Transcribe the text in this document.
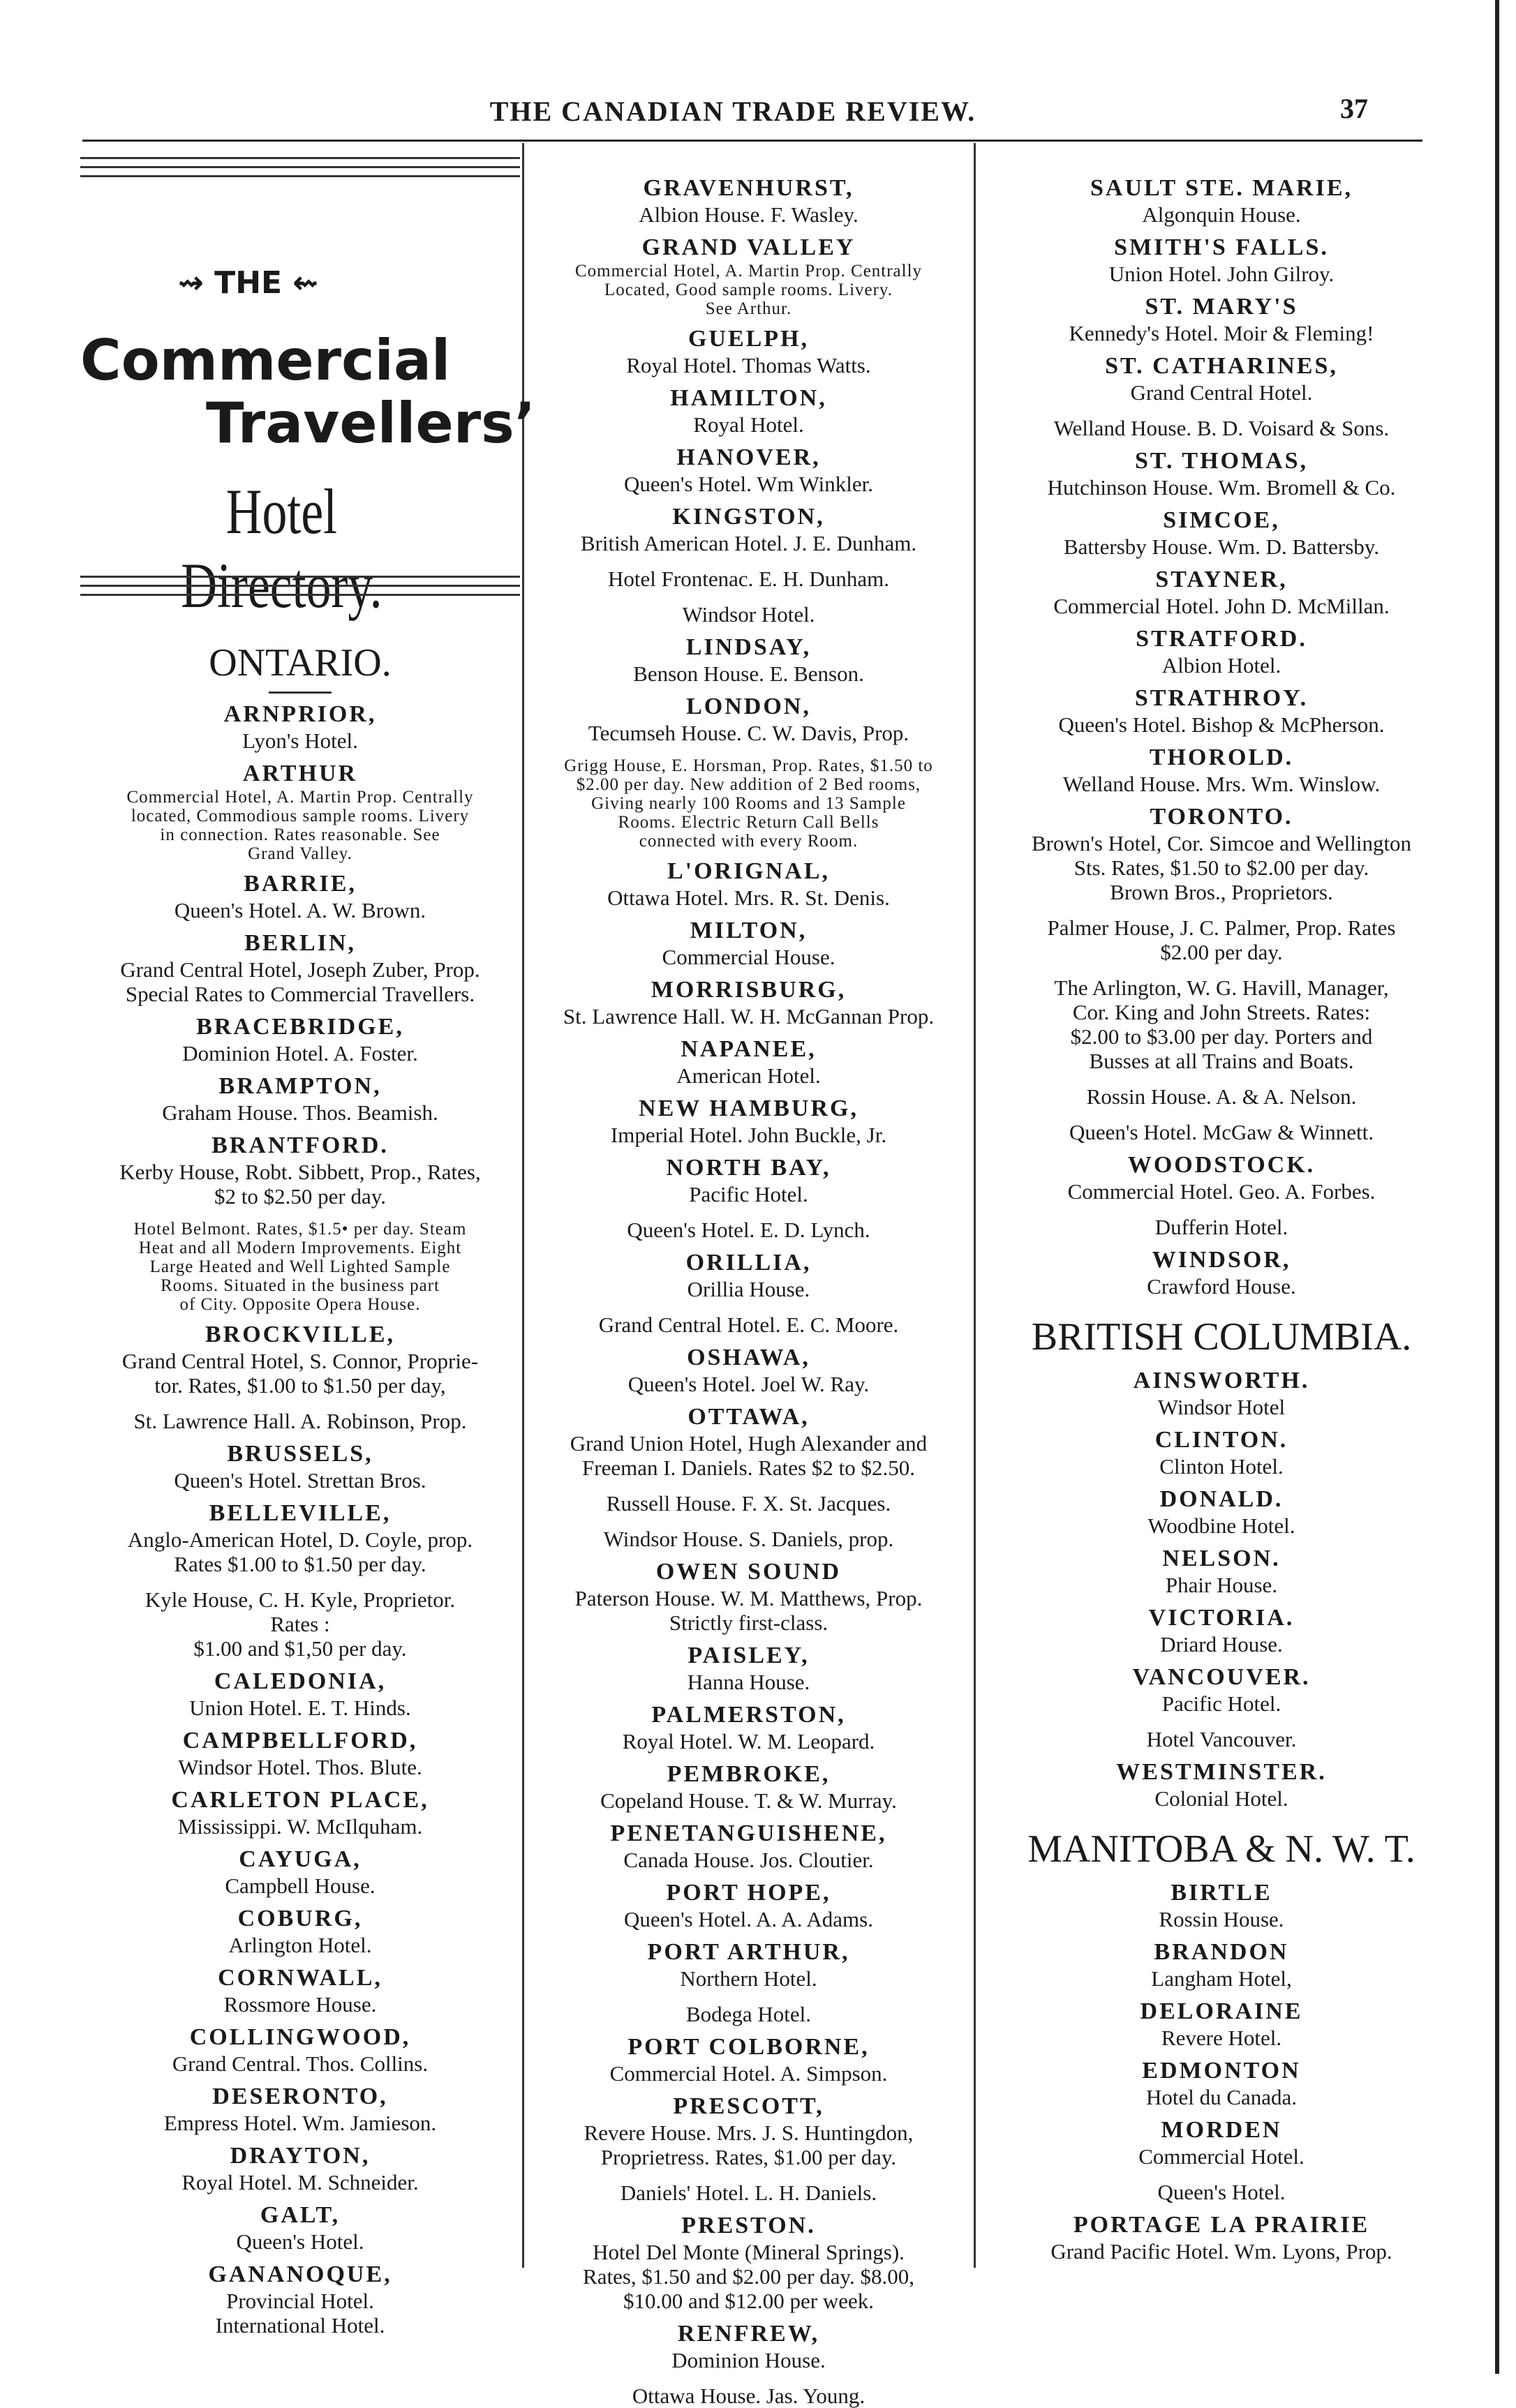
THE CANADIAN TRADE REVIEW.	37
⇝ THE ⇜
Commercial
Travellers’
Hotel
ONTARIO.
ARNPRIOR,
Lyon's Hotel.
ARTHUR
Commercial Hotel, A. Martin Prop. Centrally
located, Commodious sample rooms. Livery
in connection. Rates reasonable. See
Grand Valley.
BARRIE,
Queen's Hotel. A. W. Brown.
BERLIN,
Grand Central Hotel, Joseph Zuber, Prop.
Special Rates to Commercial Travellers.
BRACEBRIDGE,
Dominion Hotel. A. Foster.
BRAMPTON,
Graham House. Thos. Beamish.
BRANTFORD.
Kerby House, Robt. Sibbett, Prop., Rates,
$2 to $2.50 per day.
Hotel Belmont. Rates, $1.5• per day. Steam
Heat and all Modern Improvements. Eight
Large Heated and Well Lighted Sample
Rooms. Situated in the business part
of City. Opposite Opera House.
BROCKVILLE,
Grand Central Hotel, S. Connor, Proprie-
tor. Rates, $1.00 to $1.50 per day,
St. Lawrence Hall. A. Robinson, Prop.
BRUSSELS,
Queen's Hotel. Strettan Bros.
BELLEVILLE,
Anglo-American Hotel, D. Coyle, prop.
Rates $1.00 to $1.50 per day.
Kyle House, C. H. Kyle, Proprietor.
Rates :
$1.00 and $1,50 per day.
CALEDONIA,
Union Hotel. E. T. Hinds.
CAMPBELLFORD,
Windsor Hotel. Thos. Blute.
CARLETON PLACE,
Mississippi. W. McIlquham.
CAYUGA,
Campbell House.
COBURG,
Arlington Hotel.
CORNWALL,
Rossmore House.
COLLINGWOOD,
Grand Central. Thos. Collins.
DESERONTO,
Empress Hotel. Wm. Jamieson.
DRAYTON,
Royal Hotel. M. Schneider.
GALT,
Queen's Hotel.
GANANOQUE,
Provincial Hotel.
International Hotel.
GRAVENHURST,
Albion House. F. Wasley.
GRAND VALLEY
Commercial Hotel, A. Martin Prop. Centrally
Located, Good sample rooms. Livery.
See Arthur.
GUELPH,
Royal Hotel. Thomas Watts.
HAMILTON,
Royal Hotel.
HANOVER,
Queen's Hotel. Wm Winkler.
KINGSTON,
British American Hotel. J. E. Dunham.
Hotel Frontenac. E. H. Dunham.
Windsor Hotel.
LINDSAY,
Benson House. E. Benson.
LONDON,
Tecumseh House. C. W. Davis, Prop.
Grigg House, E. Horsman, Prop. Rates, $1.50 to
$2.00 per day. New addition of 2 Bed rooms,
Giving nearly 100 Rooms and 13 Sample
Rooms. Electric Return Call Bells
connected with every Room.
L'ORIGNAL,
Ottawa Hotel. Mrs. R. St. Denis.
MILTON,
Commercial House.
MORRISBURG,
St. Lawrence Hall. W. H. McGannan Prop.
NAPANEE,
American Hotel.
NEW HAMBURG,
Imperial Hotel. John Buckle, Jr.
NORTH BAY,
Pacific Hotel.
Queen's Hotel. E. D. Lynch.
ORILLIA,
Orillia House.
Grand Central Hotel. E. C. Moore.
OSHAWA,
Queen's Hotel. Joel W. Ray.
OTTAWA,
Grand Union Hotel, Hugh Alexander and
Freeman I. Daniels. Rates $2 to $2.50.
Russell House. F. X. St. Jacques.
Windsor House. S. Daniels, prop.
OWEN SOUND
Paterson House. W. M. Matthews, Prop.
Strictly first-class.
PAISLEY,
Hanna House.
PALMERSTON,
Royal Hotel. W. M. Leopard.
PEMBROKE,
Copeland House. T. & W. Murray.
PENETANGUISHENE,
Canada House. Jos. Cloutier.
PORT HOPE,
Queen's Hotel. A. A. Adams.
PORT ARTHUR,
Northern Hotel.
Bodega Hotel.
PORT COLBORNE,
Commercial Hotel. A. Simpson.
PRESCOTT,
Revere House. Mrs. J. S. Huntingdon,
Proprietress. Rates, $1.00 per day.
Daniels' Hotel. L. H. Daniels.
PRESTON.
Hotel Del Monte (Mineral Springs).
Rates, $1.50 and $2.00 per day. $8.00,
$10.00 and $12.00 per week.
RENFREW,
Dominion House.
Ottawa House. Jas. Young.
SAULT STE. MARIE,
Algonquin House.
SMITH'S FALLS.
Union Hotel. John Gilroy.
ST. MARY'S
Kennedy's Hotel. Moir & Fleming!
ST. CATHARINES,
Grand Central Hotel.
Welland House. B. D. Voisard & Sons.
ST. THOMAS,
Hutchinson House. Wm. Bromell & Co.
SIMCOE,
Battersby House. Wm. D. Battersby.
STAYNER,
Commercial Hotel. John D. McMillan.
STRATFORD.
Albion Hotel.
STRATHROY.
Queen's Hotel. Bishop & McPherson.
THOROLD.
Welland House. Mrs. Wm. Winslow.
TORONTO.
Brown's Hotel, Cor. Simcoe and Wellington
Sts. Rates, $1.50 to $2.00 per day.
Brown Bros., Proprietors.
Palmer House, J. C. Palmer, Prop. Rates
$2.00 per day.
The Arlington, W. G. Havill, Manager,
Cor. King and John Streets. Rates:
$2.00 to $3.00 per day. Porters and
Busses at all Trains and Boats.
Rossin House. A. & A. Nelson.
Queen's Hotel. McGaw & Winnett.
WOODSTOCK.
Commercial Hotel. Geo. A. Forbes.
Dufferin Hotel.
WINDSOR,
Crawford House.
BRITISH COLUMBIA.
AINSWORTH.
Windsor Hotel
CLINTON.
Clinton Hotel.
DONALD.
Woodbine Hotel.
NELSON.
Phair House.
VICTORIA.
Driard House.
VANCOUVER.
Pacific Hotel.
Hotel Vancouver.
WESTMINSTER.
Colonial Hotel.
MANITOBA & N. W. T.
BIRTLE
Rossin House.
BRANDON
Langham Hotel,
DELORAINE
Revere Hotel.
EDMONTON
Hotel du Canada.
MORDEN
Commercial Hotel.
Queen's Hotel.
PORTAGE LA PRAIRIE
Grand Pacific Hotel. Wm. Lyons, Prop.
